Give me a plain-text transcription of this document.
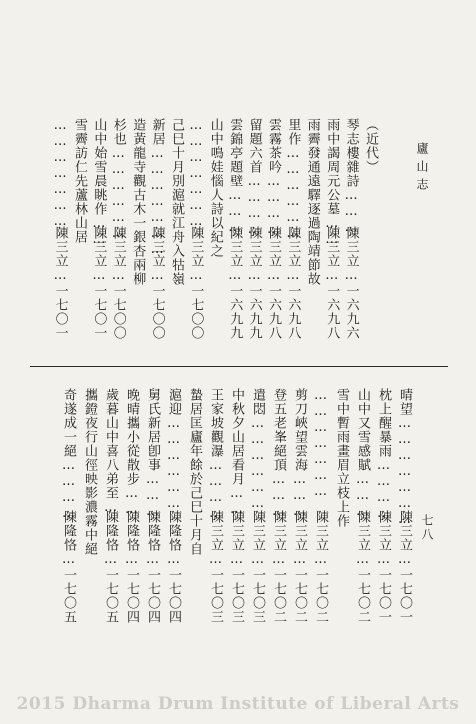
廬山志
七八
（近代）
琴志樓雜詩………
陳三立…一六九六
雨中謁周元公墓……
陳三立…一六九八
雨霽發通遠驛逐過陶靖節故
里作………………
陳三立…一六九八
雲霧茶吟…………
陳三立…一六九八
留題六首…………
陳三立…一六九九
雲錦亭題壁………
陳三立…一六九九
山中鳴娃惱人詩以紀之
…………………
陳三立…一七〇〇
己巳十月別滬就江舟入牯嶺
新居…………………
陳三立…一七〇〇
造黃龍寺觀古木一銀杏兩柳
杉也………………
陳三立…一七〇〇
山中始雪晨眺作……
陳三立…一七〇一
雪霽訪仁先蘆林山居
…………………
陳三立…一七〇一
晴望…………………
陳三立…一七〇一
枕上醒暴雨…………
陳三立…一七〇一
山中又雪感賦………
陳三立…一七〇二
雪中暫雨畫眉立枝上作
…………………
陳三立…一七〇二
剪刀峽望雲海………
陳三立…一七〇二
登五老峯絕頂………
陳三立…一七〇二
遣悶………………
陳三立…一七〇三
中秋夕山居看月……
陳三立…一七〇三
王家坡觀瀑…………
陳三立…一七〇三
蟄居匡廬年餘於己巳十月自
滬迎………………
陳隆恪…一七〇四
舅氏新居卽事………
陳隆恪…一七〇四
晚晴攜小從散步……
陳隆恪…一七〇四
歲暮山中喜八弟至…
陳隆恪…一七〇五
攜鐙夜行山徑映影濃霧中絕
奇遂成一絕…………
陳隆恪…一七〇五
2015 Dharma Drum Institute of Liberal Arts
